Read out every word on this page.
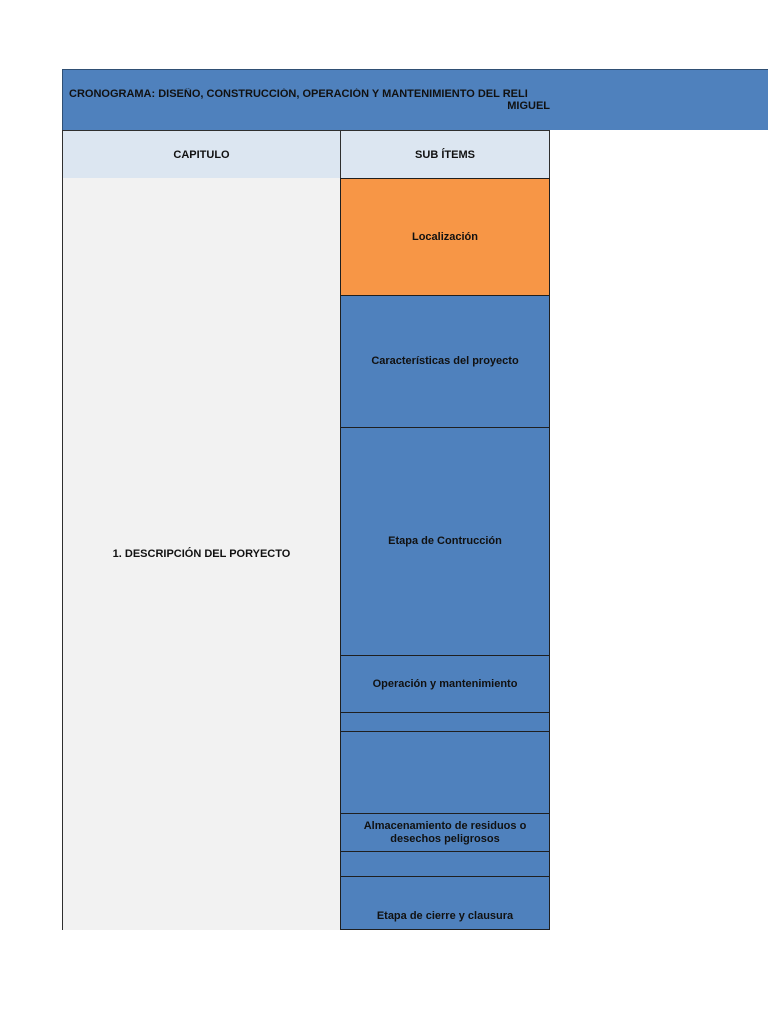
CRONOGRAMA: DISEÑO, CONSTRUCCIÓN, OPERACIÓN Y MANTENIMIENTO DEL RELI
MIGUEL
CAPITULO	SUB ÍTEMS
1. DESCRIPCIÓN DEL PORYECTO
Localización
Características del proyecto
Etapa de Contrucción
Operación y mantenimiento
Almacenamiento de residuos o desechos peligrosos
Etapa de cierre y clausura
